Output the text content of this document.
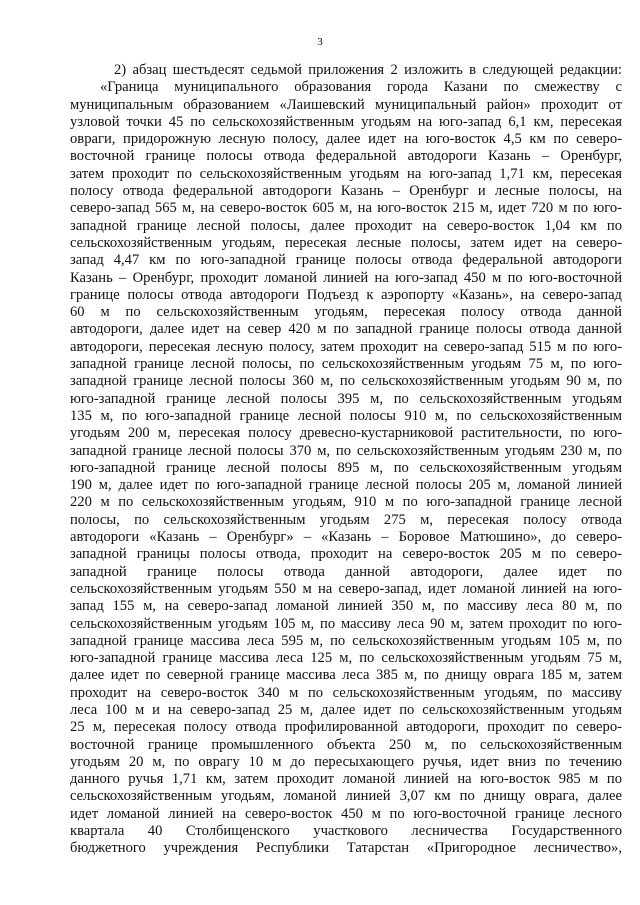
3
2) абзац шестьдесят седьмой приложения 2 изложить в следующей редакции:
«Граница муниципального образования города Казани по смежеству с
муниципальным образованием «Лаишевский муниципальный район» проходит от
узловой точки 45 по сельскохозяйственным угодьям на юго-запад 6,1 км, пересекая
овраги, придорожную лесную полосу, далее идет на юго-восток 4,5 км по северо-
восточной границе полосы отвода федеральной автодороги Казань – Оренбург,
затем проходит по сельскохозяйственным угодьям на юго-запад 1,71 км, пересекая
полосу отвода федеральной автодороги Казань – Оренбург и лесные полосы, на
северо-запад 565 м, на северо-восток 605 м, на юго-восток 215 м, идет 720 м по юго-
западной границе лесной полосы, далее проходит на северо-восток 1,04 км по
сельскохозяйственным угодьям, пересекая лесные полосы, затем идет на северо-
запад 4,47 км по юго-западной границе полосы отвода федеральной автодороги
Казань – Оренбург, проходит ломаной линией на юго-запад 450 м по юго-восточной
границе полосы отвода автодороги Подъезд к аэропорту «Казань», на северо-запад
60 м по сельскохозяйственным угодьям, пересекая полосу отвода данной
автодороги, далее идет на север 420 м по западной границе полосы отвода данной
автодороги, пересекая лесную полосу, затем проходит на северо-запад 515 м по юго-
западной границе лесной полосы, по сельскохозяйственным угодьям 75 м, по юго-
западной границе лесной полосы 360 м, по сельскохозяйственным угодьям 90 м, по
юго-западной границе лесной полосы 395 м, по сельскохозяйственным угодьям
135 м, по юго-западной границе лесной полосы 910 м, по сельскохозяйственным
угодьям 200 м, пересекая полосу древесно-кустарниковой растительности, по юго-
западной границе лесной полосы 370 м, по сельскохозяйственным угодьям 230 м, по
юго-западной границе лесной полосы 895 м, по сельскохозяйственным угодьям
190 м, далее идет по юго-западной границе лесной полосы 205 м, ломаной линией
220 м по сельскохозяйственным угодьям, 910 м по юго-западной границе лесной
полосы, по сельскохозяйственным угодьям 275 м, пересекая полосу отвода
автодороги «Казань – Оренбург» – «Казань – Боровое Матюшино», до северо-
западной границы полосы отвода, проходит на северо-восток 205 м по северо-
западной границе полосы отвода данной автодороги, далее идет по
сельскохозяйственным угодьям 550 м на северо-запад, идет ломаной линией на юго-
запад 155 м, на северо-запад ломаной линией 350 м, по массиву леса 80 м, по
сельскохозяйственным угодьям 105 м, по массиву леса 90 м, затем проходит по юго-
западной границе массива леса 595 м, по сельскохозяйственным угодьям 105 м, по
юго-западной границе массива леса 125 м, по сельскохозяйственным угодьям 75 м,
далее идет по северной границе массива леса 385 м, по днищу оврага 185 м, затем
проходит на северо-восток 340 м по сельскохозяйственным угодьям, по массиву
леса 100 м и на северо-запад 25 м, далее идет по сельскохозяйственным угодьям
25 м, пересекая полосу отвода профилированной автодороги, проходит по северо-
восточной границе промышленного объекта 250 м, по сельскохозяйственным
угодьям 20 м, по оврагу 10 м до пересыхающего ручья, идет вниз по течению
данного ручья 1,71 км, затем проходит ломаной линией на юго-восток 985 м по
сельскохозяйственным угодьям, ломаной линией 3,07 км по днищу оврага, далее
идет ломаной линией на северо-восток 450 м по юго-восточной границе лесного
квартала 40 Столбищенского участкового лесничества Государственного
бюджетного учреждения Республики Татарстан «Пригородное лесничество»,
